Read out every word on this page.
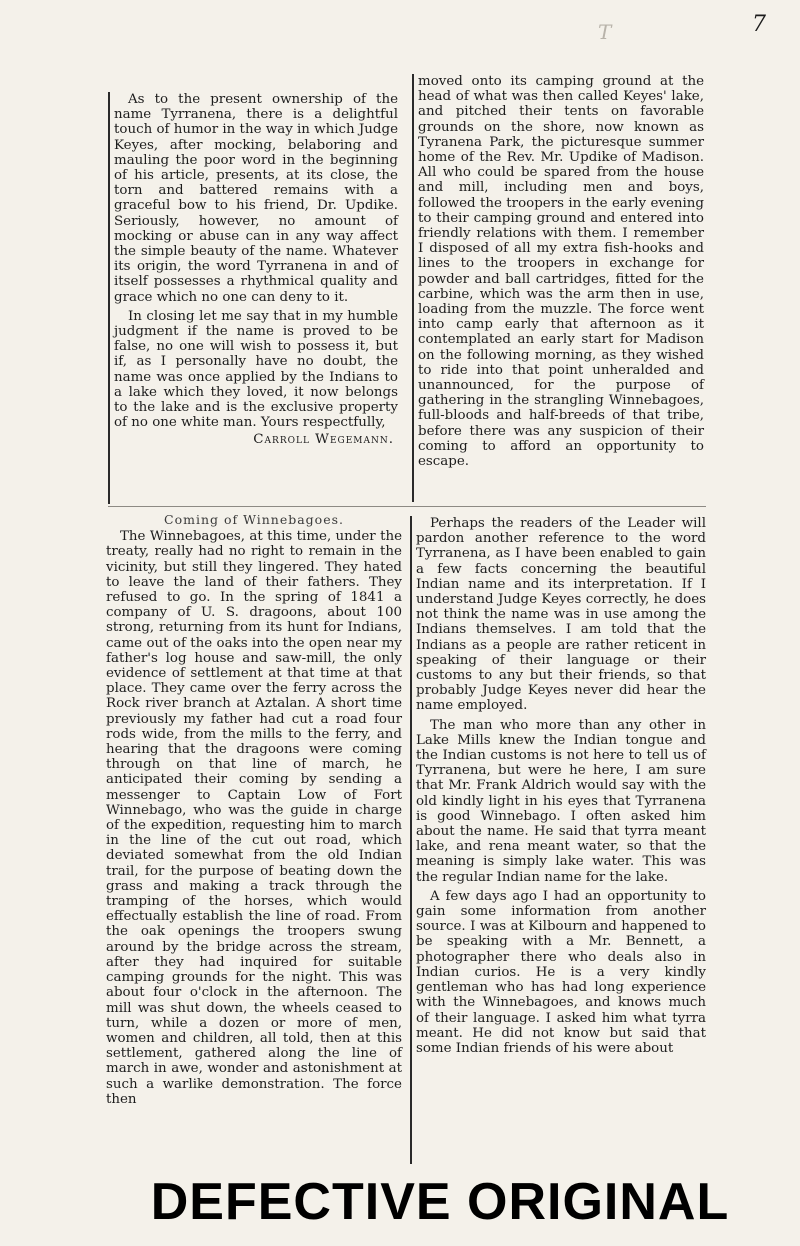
7
T

As to the present ownership of the name Tyrranena, there is a delightful touch of humor in the way in which Judge Keyes, after mocking, belaboring and mauling the poor word in the beginning of his article, presents, at its close, the torn and battered remains with a graceful bow to his friend, Dr. Updike. Seriously, however, no amount of mocking or abuse can in any way affect the simple beauty of the name. Whatever its origin, the word Tyrranena in and of itself possesses a rhythmical quality and grace which no one can deny to it.

In closing let me say that in my humble judgment if the name is proved to be false, no one will wish to possess it, but if, as I personally have no doubt, the name was once applied by the Indians to a lake which they loved, it now belongs to the lake and is the exclusive property of no one white man. Yours respectfully,

Carroll Wegemann.

moved onto its camping ground at the head of what was then called Keyes' lake, and pitched their tents on favorable grounds on the shore, now known as Tyranena Park, the picturesque summer home of the Rev. Mr. Updike of Madison. All who could be spared from the house and mill, including men and boys, followed the troopers in the early evening to their camping ground and entered into friendly relations with them. I remember I disposed of all my extra fish-hooks and lines to the troopers in exchange for powder and ball cartridges, fitted for the carbine, which was the arm then in use, loading from the muzzle. The force went into camp early that afternoon as it contemplated an early start for Madison on the following morning, as they wished to ride into that point unheralded and unannounced, for the purpose of gathering in the strangling Winnebagoes, full-bloods and half-breeds of that tribe, before there was any suspicion of their coming to afford an opportunity to escape.

Coming of Winnebagoes.

The Winnebagoes, at this time, under the treaty, really had no right to remain in the vicinity, but still they lingered. They hated to leave the land of their fathers. They refused to go. In the spring of 1841 a company of U. S. dragoons, about 100 strong, returning from its hunt for Indians, came out of the oaks into the open near my father's log house and saw-mill, the only evidence of settlement at that time at that place. They came over the ferry across the Rock river branch at Aztalan. A short time previously my father had cut a road four rods wide, from the mills to the ferry, and hearing that the dragoons were coming through on that line of march, he anticipated their coming by sending a messenger to Captain Low of Fort Winnebago, who was the guide in charge of the expedition, requesting him to march in the line of the cut out road, which deviated somewhat from the old Indian trail, for the purpose of beating down the grass and making a track through the tramping of the horses, which would effectually establish the line of road. From the oak openings the troopers swung around by the bridge across the stream, after they had inquired for suitable camping grounds for the night. This was about four o'clock in the afternoon. The mill was shut down, the wheels ceased to turn, while a dozen or more of men, women and children, all told, then at this settlement, gathered along the line of march in awe, wonder and astonishment at such a warlike demonstration. The force then

Perhaps the readers of the Leader will pardon another reference to the word Tyrranena, as I have been enabled to gain a few facts concerning the beautiful Indian name and its interpretation. If I understand Judge Keyes correctly, he does not think the name was in use among the Indians themselves. I am told that the Indians as a people are rather reticent in speaking of their language or their customs to any but their friends, so that probably Judge Keyes never did hear the name employed.

The man who more than any other in Lake Mills knew the Indian tongue and the Indian customs is not here to tell us of Tyrranena, but were he here, I am sure that Mr. Frank Aldrich would say with the old kindly light in his eyes that Tyrranena is good Winnebago. I often asked him about the name. He said that tyrra meant lake, and rena meant water, so that the meaning is simply lake water. This was the regular Indian name for the lake.

A few days ago I had an opportunity to gain some information from another source. I was at Kilbourn and happened to be speaking with a Mr. Bennett, a photographer there who deals also in Indian curios. He is a very kindly gentleman who has had long experience with the Winnebagoes, and knows much of their language. I asked him what tyrra meant. He did not know but said that some Indian friends of his were about

DEFECTIVE ORIGINAL
